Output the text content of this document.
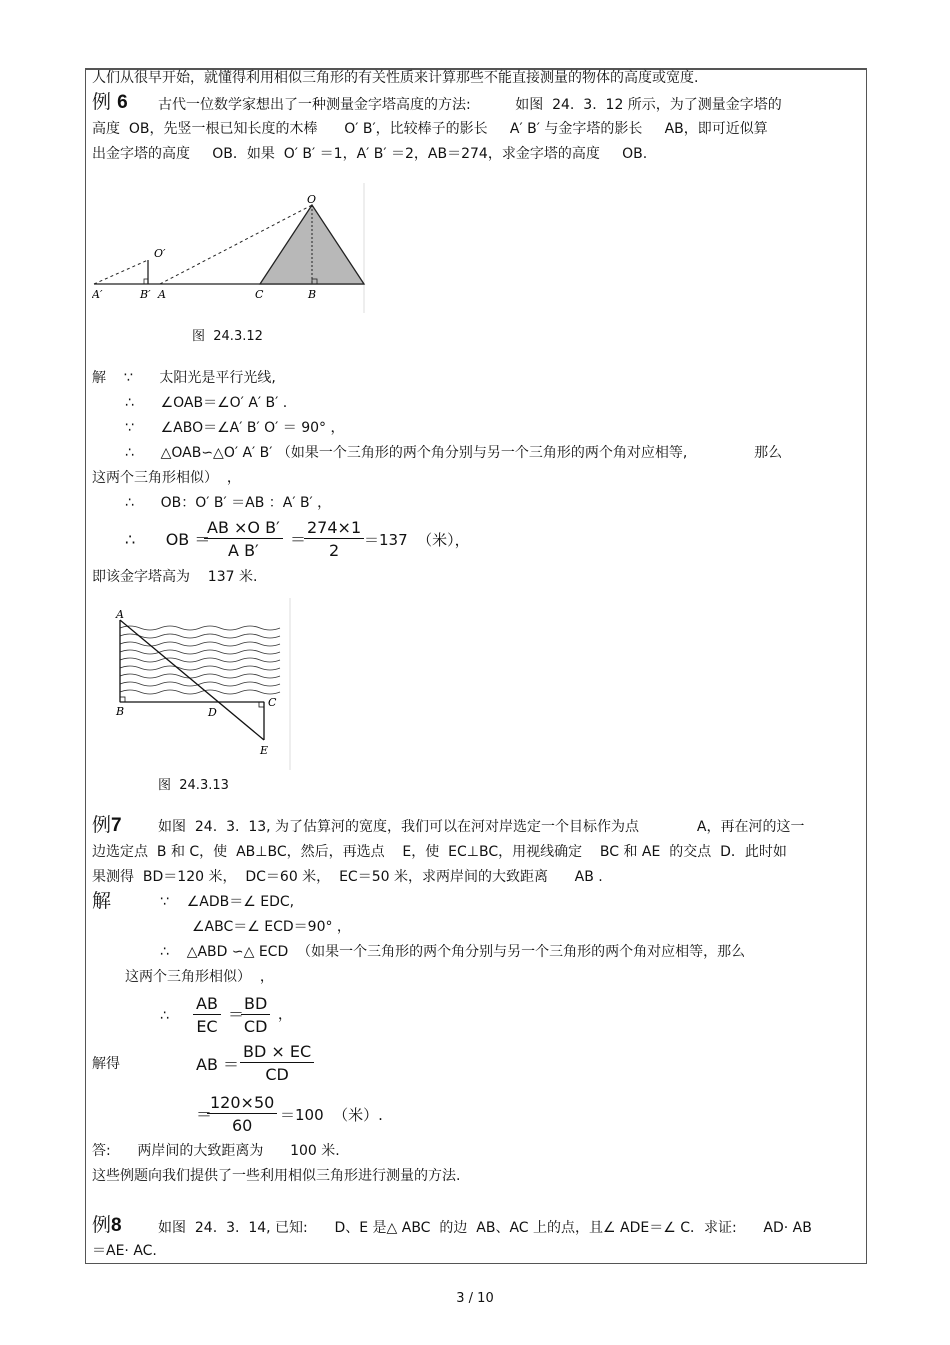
人们从很早开始，就懂得利用相似三角形的有关性质来计算那些不能直接测量的物体的高度或宽度.
例 6 古代一位数学家想出了一种测量金字塔高度的方法:          如图  24.  3.  12 所示，为了测量金字塔的
高度  OB，先竖一根已知长度的木棒      O′ B′，比较棒子的影长     A′ B′ 与金字塔的影长     AB，即可近似算
出金字塔的高度     OB．如果  O′ B′ ＝1，A′ B′ ＝2，AB＝274，求金字塔的高度     OB.
O
O′
A′	B′ A	C	B
图  24.3.12
解    ∵      太阳光是平行光线,
∴      ∠OAB＝∠O′ A′ B′ .
∵      ∠ABO＝∠A′ B′ O′ ＝ 90° ，
∴      △OAB∽△O′ A′ B′ （如果一个三角形的两个角分别与另一个三角形的两个角对应相等,               那么
这两个三角形相似）  ，
∴      OB：O′ B′ ＝AB ：A′ B′ ，
∴      OB ＝
$\frac{\text{AB ×O B′}}{\text{A B′}}$ ＝
$\frac{274\times 1}{2} =137$  （米），
即该金字塔高为    137 米.
A
B	D
C
E
图  24.3.13
例7	如图  24.  3.  13, 为了估算河的宽度，我们可以在河对岸选定一个目标作为点             A，再在河的这一
边选定点  B 和 C，使  AB⊥BC，然后，再选点    E，使  EC⊥BC，用视线确定    BC 和 AE  的交点  D．此时如
果测得  BD＝120 米，  DC＝60 米，  EC＝50 米，求两岸间的大致距离      AB .
解	∵    ∠ADB＝∠ EDC,
∠ABC＝∠ ECD＝90° ，
∴    △ABD ∽△ ECD  （如果一个三角形的两个角分别与另一个三角形的两个角对应相等，那么
这两个三角形相似）  ，
∴ $\frac{AB}{EC}$ ＝
$\frac{BD}{CD}$ ，
解得	AB ＝ $\frac{BD \times EC}{CD}$
＝
$\frac{120\times 50}{60} =100$  （米）.
答:      两岸间的大致距离为      100 米.
这些例题向我们提供了一些利用相似三角形进行测量的方法.
例8	如图  24.  3.  14, 已知:      D、E 是△ ABC  的边  AB、AC 上的点，且∠ ADE＝∠ C．求证:      AD· AB
＝AE· AC.
3 / 10
